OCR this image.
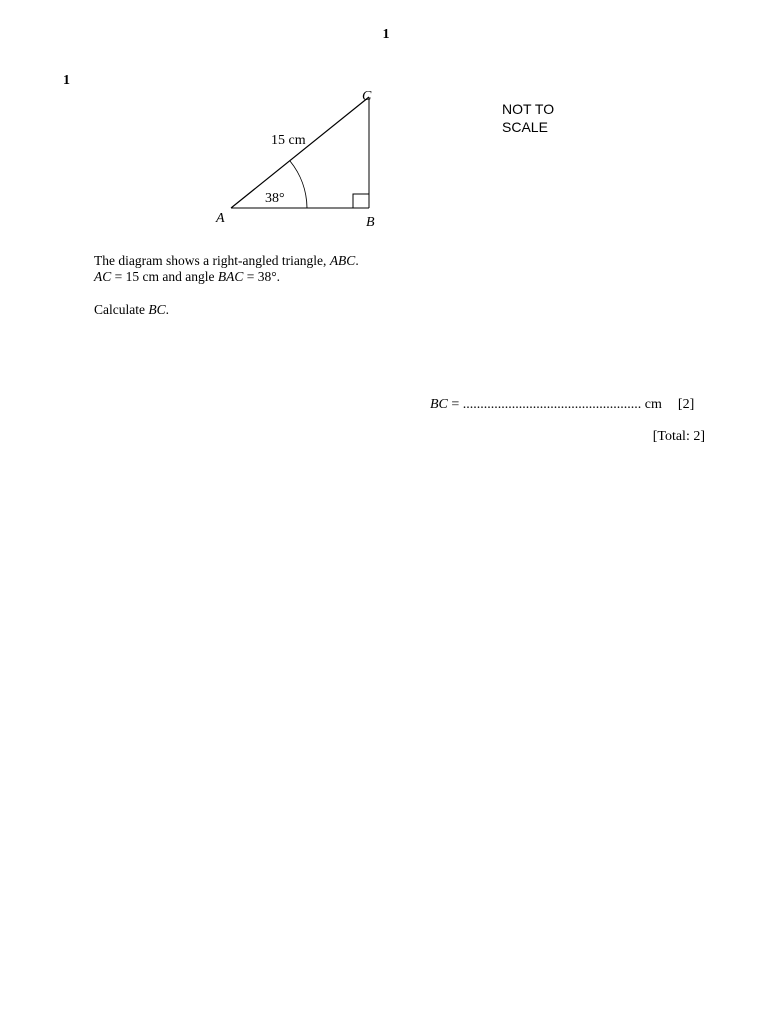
1
1
A	B
C
15 cm
38°
NOT TO
SCALE
The diagram shows a right-angled triangle, ABC.
AC = 15 cm and angle BAC = 38°.
Calculate BC.
BC = ................................................... cm [2]
[Total: 2]
